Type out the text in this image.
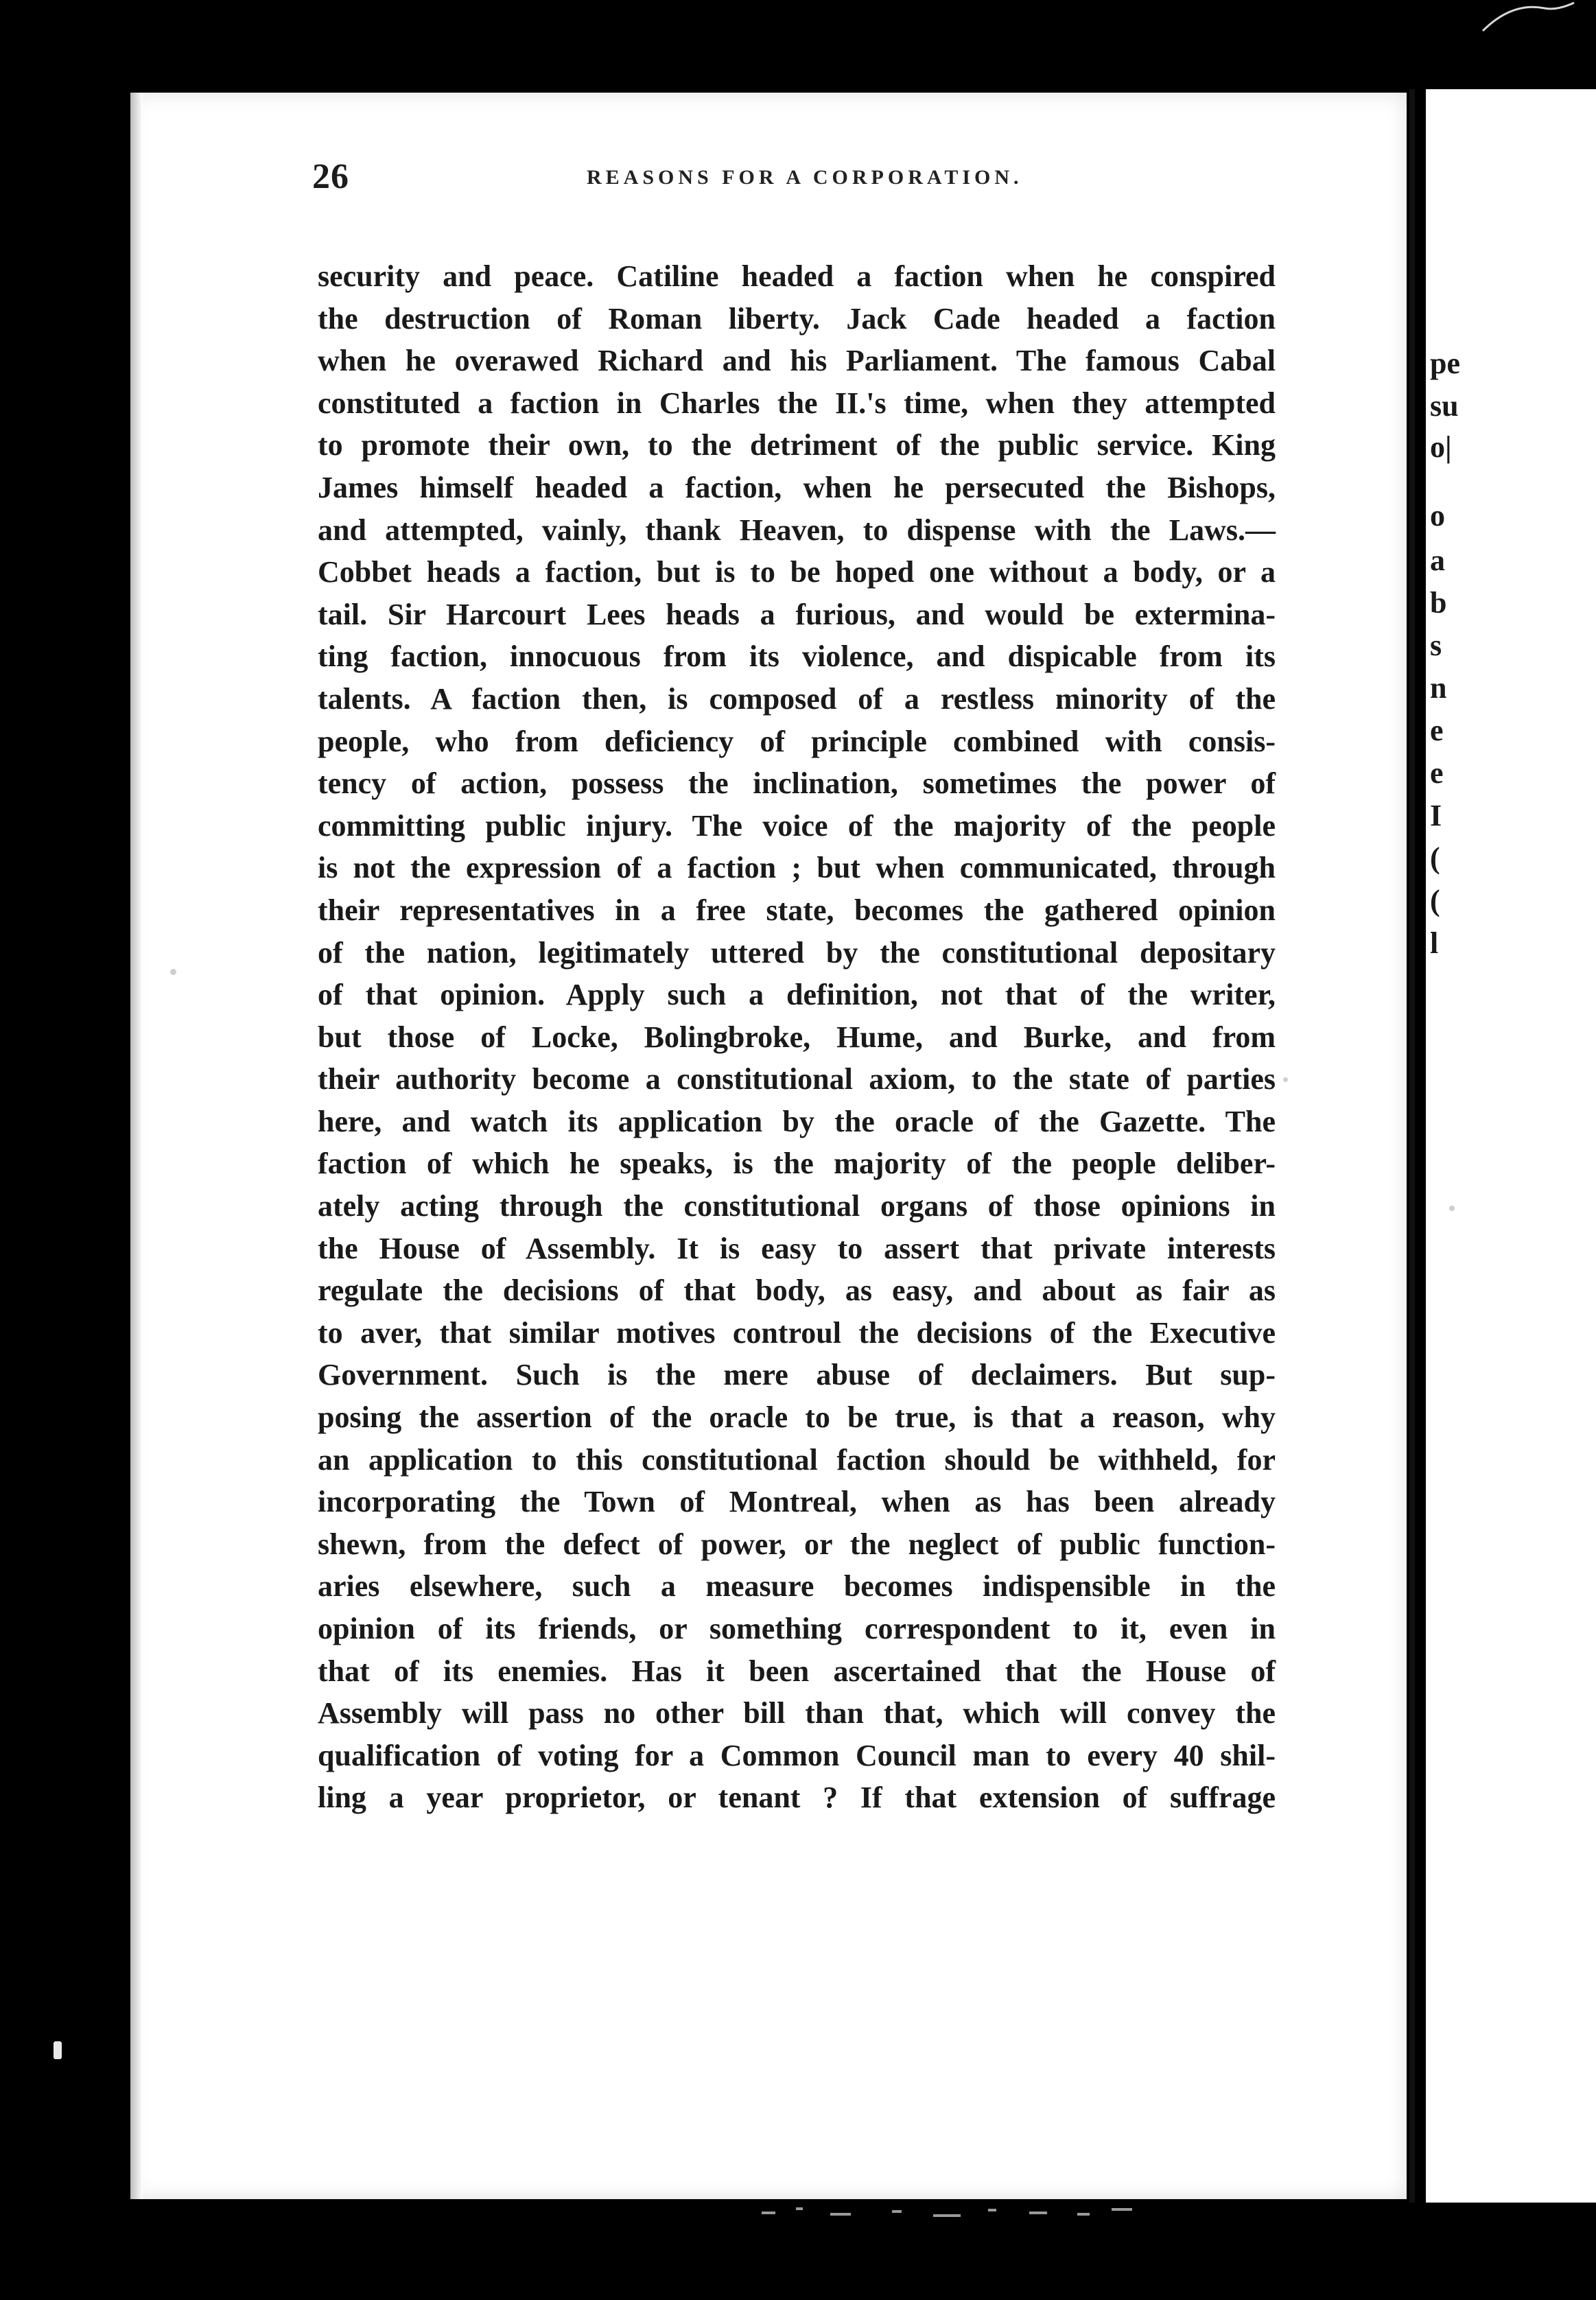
pe
su
o|
o
a
b
s
n
e
e
I
(
(
l
26	REASONS FOR A CORPORATION.
security and peace. Catiline headed a faction when he conspired
the destruction of Roman liberty. Jack Cade headed a faction
when he overawed Richard and his Parliament. The famous Cabal
constituted a faction in Charles the II.'s time, when they attempted
to promote their own, to the detriment of the public service. King
James himself headed a faction, when he persecuted the Bishops,
and attempted, vainly, thank Heaven, to dispense with the Laws.—
Cobbet heads a faction, but is to be hoped one without a body, or a
tail. Sir Harcourt Lees heads a furious, and would be extermina-
ting faction, innocuous from its violence, and dispicable from its
talents. A faction then, is composed of a restless minority of the
people, who from deficiency of principle combined with consis-
tency of action, possess the inclination, sometimes the power of
committing public injury. The voice of the majority of the people
is not the expression of a faction ; but when communicated, through
their representatives in a free state, becomes the gathered opinion
of the nation, legitimately uttered by the constitutional depositary
of that opinion. Apply such a definition, not that of the writer,
but those of Locke, Bolingbroke, Hume, and Burke, and from
their authority become a constitutional axiom, to the state of parties
here, and watch its application by the oracle of the Gazette. The
faction of which he speaks, is the majority of the people deliber-
ately acting through the constitutional organs of those opinions in
the House of Assembly. It is easy to assert that private interests
regulate the decisions of that body, as easy, and about as fair as
to aver, that similar motives controul the decisions of the Executive
Government. Such is the mere abuse of declaimers. But sup-
posing the assertion of the oracle to be true, is that a reason, why
an application to this constitutional faction should be withheld, for
incorporating the Town of Montreal, when as has been already
shewn, from the defect of power, or the neglect of public function-
aries elsewhere, such a measure becomes indispensible in the
opinion of its friends, or something correspondent to it, even in
that of its enemies. Has it been ascertained that the House of
Assembly will pass no other bill than that, which will convey the
qualification of voting for a Common Council man to every 40 shil-
ling a year proprietor, or tenant ? If that extension of suffrage
